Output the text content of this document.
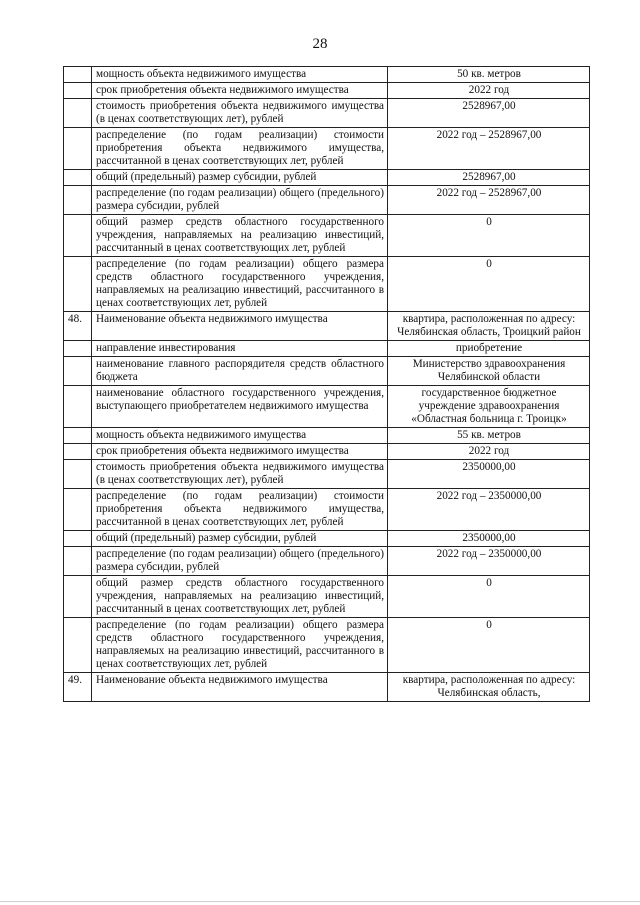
28
	мощность объекта недвижимого имущества	50 кв. метров
	срок приобретения объекта недвижимого имущества	2022 год
	стоимость приобретения объекта недвижимого имущества (в ценах соответствующих лет), рублей	2528967,00
	распределение (по годам реализации) стоимости приобретения объекта недвижимого имущества, рассчитанной в ценах соответствующих лет, рублей	2022 год – 2528967,00
	общий (предельный) размер субсидии, рублей	2528967,00
	распределение (по годам реализации) общего (предельного) размера субсидии, рублей	2022 год – 2528967,00
	общий размер средств областного государственного учреждения, направляемых на реализацию инвестиций, рассчитанный в ценах соответствующих лет, рублей	0
	распределение (по годам реализации) общего размера средств областного государственного учреждения, направляемых на реализацию инвестиций, рассчитанного в ценах соответствующих лет, рублей	0
48.	Наименование объекта недвижимого имущества	квартира, расположенная по адресу: Челябинская область, Троицкий район
	направление инвестирования	приобретение
	наименование главного распорядителя средств областного бюджета	Министерство здравоохранения Челябинской области
	наименование областного государственного учреждения, выступающего приобретателем недвижимого имущества	государственное бюджетное учреждение здравоохранения «Областная больница г. Троицк»
	мощность объекта недвижимого имущества	55 кв. метров
	срок приобретения объекта недвижимого имущества	2022 год
	стоимость приобретения объекта недвижимого имущества (в ценах соответствующих лет), рублей	2350000,00
	распределение (по годам реализации) стоимости приобретения объекта недвижимого имущества, рассчитанной в ценах соответствующих лет, рублей	2022 год – 2350000,00
	общий (предельный) размер субсидии, рублей	2350000,00
	распределение (по годам реализации) общего (предельного) размера субсидии, рублей	2022 год – 2350000,00
	общий размер средств областного государственного учреждения, направляемых на реализацию инвестиций, рассчитанный в ценах соответствующих лет, рублей	0
	распределение (по годам реализации) общего размера средств областного государственного учреждения, направляемых на реализацию инвестиций, рассчитанного в ценах соответствующих лет, рублей	0
49.	Наименование объекта недвижимого имущества	квартира, расположенная по адресу: Челябинская область,
